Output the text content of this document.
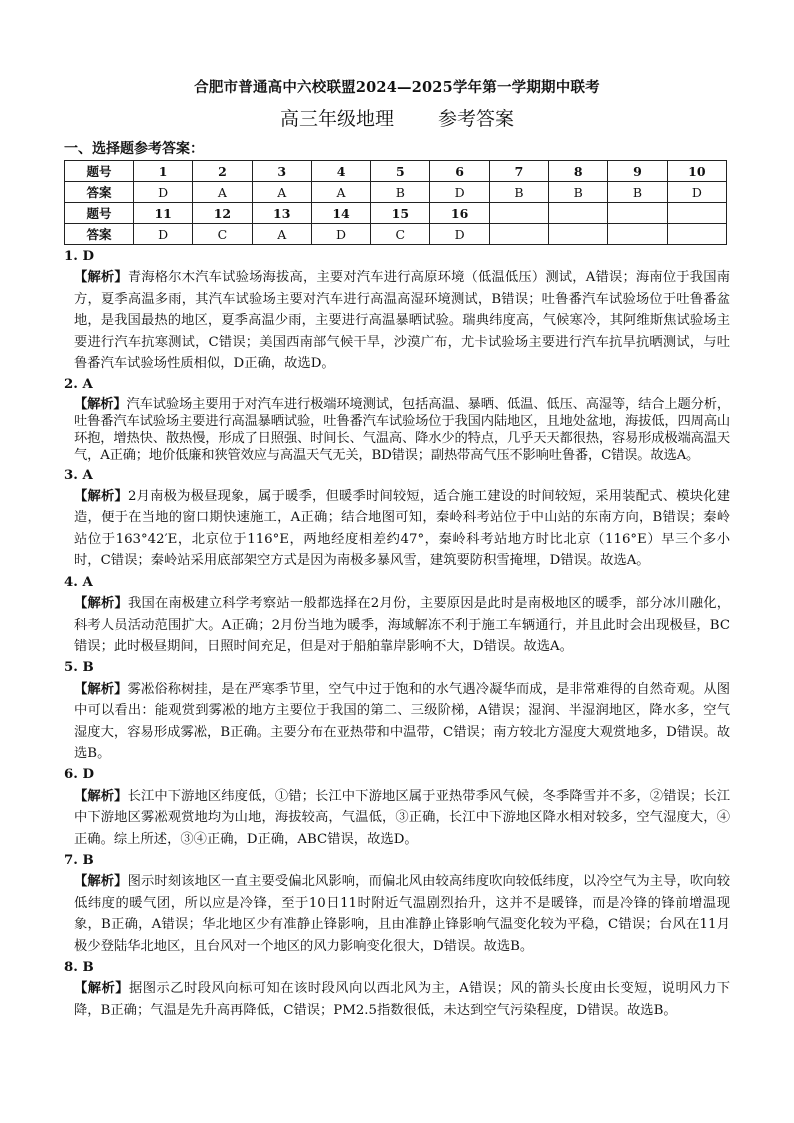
合肥市普通高中六校联盟2024—2025学年第一学期期中联考
高三年级地理 参考答案
一、选择题参考答案：
题号	1	2	3	4	5	6	7	8	9	10
答案	D	A	A	A	B	D	B	B	B	D
题号	11	12	13	14	15	16				
答案	D	C	A	D	C	D				
1. D

【解析】青海格尔木汽车试验场海拔高，主要对汽车进行高原环境（低温低压）测试，A错误；海南位于我国南方，夏季高温多雨，其汽车试验场主要对汽车进行高温高湿环境测试，B错误；吐鲁番汽车试验场位于吐鲁番盆地，是我国最热的地区，夏季高温少雨，主要进行高温暴晒试验。瑞典纬度高，气候寒冷，其阿维斯焦试验场主要进行汽车抗寒测试，C错误；美国西南部气候干旱，沙漠广布，尤卡试验场主要进行汽车抗旱抗晒测试，与吐鲁番汽车试验场性质相似，D正确，故选D。

2. A

【解析】汽车试验场主要用于对汽车进行极端环境测试，包括高温、暴晒、低温、低压、高湿等，结合上题分析，吐鲁番汽车试验场主要进行高温暴晒试验，吐鲁番汽车试验场位于我国内陆地区，且地处盆地，海拔低，四周高山环抱，增热快、散热慢，形成了日照强、时间长、气温高、降水少的特点，几乎天天都很热，容易形成极端高温天气，A正确；地价低廉和狭管效应与高温天气无关，BD错误；副热带高气压不影响吐鲁番，C错误。故选A。

3. A

【解析】2月南极为极昼现象，属于暖季，但暖季时间较短，适合施工建设的时间较短，采用装配式、模块化建造，便于在当地的窗口期快速施工，A正确；结合地图可知，秦岭科考站位于中山站的东南方向，B错误；秦岭站位于163°42′E，北京位于116°E，两地经度相差约47°，秦岭科考站地方时比北京（116°E）早三个多小时，C错误；秦岭站采用底部架空方式是因为南极多暴风雪，建筑要防积雪掩埋，D错误。故选A。

4. A

【解析】我国在南极建立科学考察站一般都选择在2月份，主要原因是此时是南极地区的暖季，部分冰川融化，科考人员活动范围扩大。A正确；2月份当地为暖季，海域解冻不利于施工车辆通行，并且此时会出现极昼，BC错误；此时极昼期间，日照时间充足，但是对于船舶靠岸影响不大，D错误。故选A。

5. B

【解析】雾凇俗称树挂，是在严寒季节里，空气中过于饱和的水气遇冷凝华而成，是非常难得的自然奇观。从图中可以看出：能观赏到雾凇的地方主要位于我国的第二、三级阶梯，A错误；湿润、半湿润地区，降水多，空气湿度大，容易形成雾凇，B正确。主要分布在亚热带和中温带，C错误；南方较北方湿度大观赏地多，D错误。故选B。

6. D

【解析】长江中下游地区纬度低，①错；长江中下游地区属于亚热带季风气候，冬季降雪并不多，②错误；长江中下游地区雾凇观赏地均为山地，海拔较高，气温低，③正确，长江中下游地区降水相对较多，空气湿度大，④正确。综上所述，③④正确，D正确，ABC错误，故选D。

7. B

【解析】图示时刻该地区一直主要受偏北风影响，而偏北风由较高纬度吹向较低纬度，以冷空气为主导，吹向较低纬度的暖气团，所以应是冷锋，至于10日11时附近气温剧烈抬升，这并不是暖锋，而是冷锋的锋前增温现象，B正确，A错误；华北地区少有准静止锋影响，且由准静止锋影响气温变化较为平稳，C错误；台风在11月极少登陆华北地区，且台风对一个地区的风力影响变化很大，D错误。故选B。

8. B

【解析】据图示乙时段风向标可知在该时段风向以西北风为主，A错误；风的箭头长度由长变短，说明风力下降，B正确；气温是先升高再降低，C错误；PM2.5指数很低，未达到空气污染程度，D错误。故选B。
